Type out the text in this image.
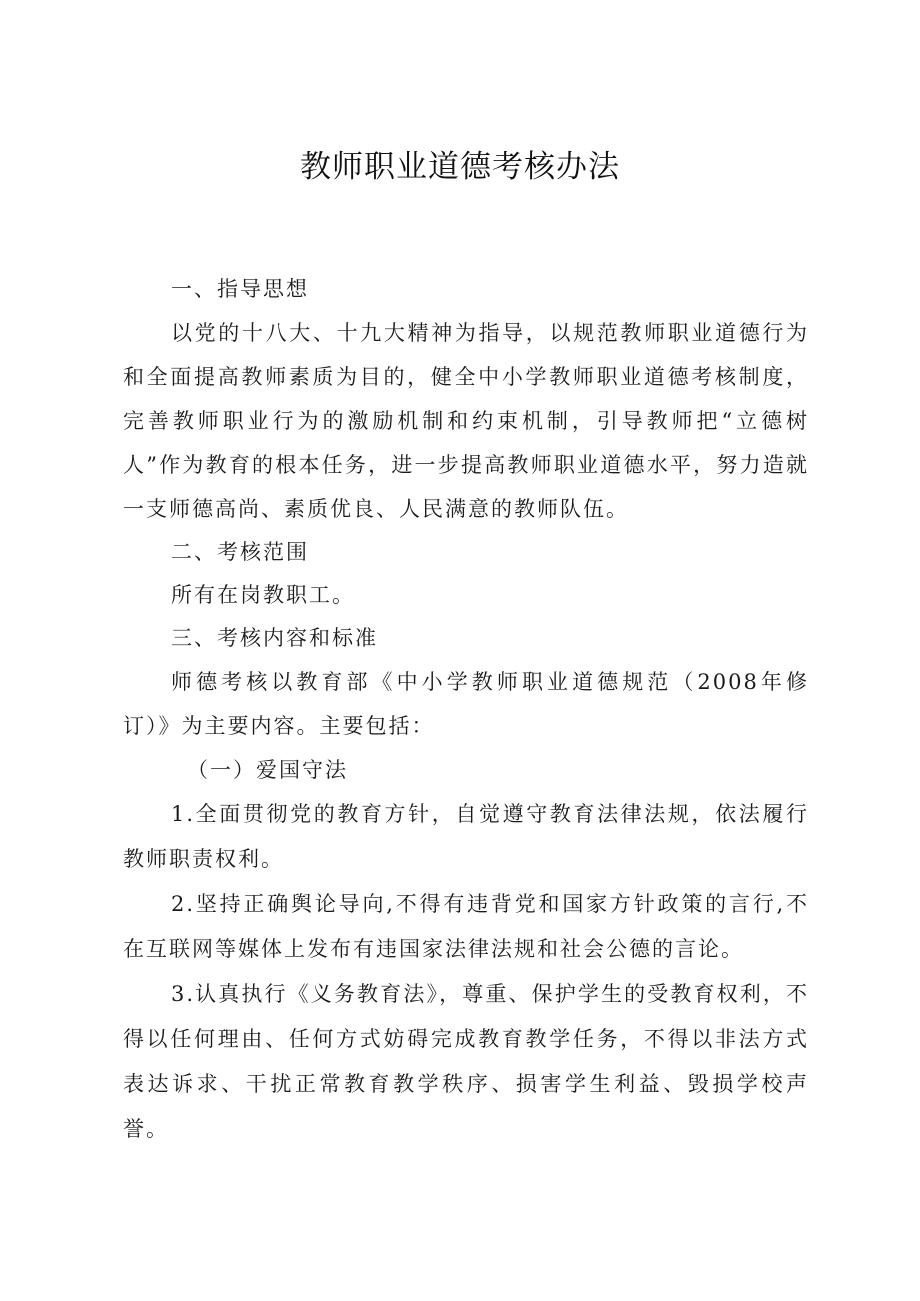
教师职业道德考核办法

一、指导思想

以党的十八大、十九大精神为指导，以规范教师职业道德行为和全面提高教师素质为目的，健全中小学教师职业道德考核制度，完善教师职业行为的激励机制和约束机制，引导教师把“立德树人”作为教育的根本任务，进一步提高教师职业道德水平，努力造就一支师德高尚、素质优良、人民满意的教师队伍。

二、考核范围

所有在岗教职工。

三、考核内容和标准

师德考核以教育部《中小学教师职业道德规范（2008年修订）》为主要内容。主要包括：

（一）爱国守法

1.全面贯彻党的教育方针，自觉遵守教育法律法规，依法履行教师职责权利。

2.坚持正确舆论导向,不得有违背党和国家方针政策的言行,不在互联网等媒体上发布有违国家法律法规和社会公德的言论。

3.认真执行《义务教育法》，尊重、保护学生的受教育权利，不得以任何理由、任何方式妨碍完成教育教学任务，不得以非法方式表达诉求、干扰正常教育教学秩序、损害学生利益、毁损学校声誉。
